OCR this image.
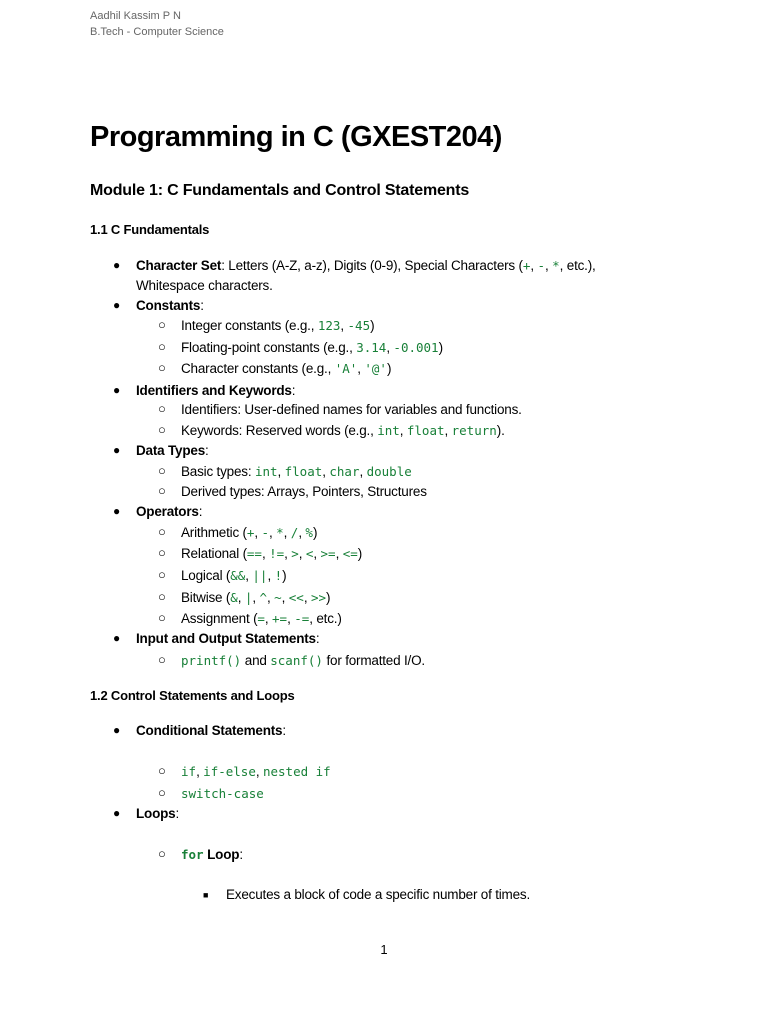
Aadhil Kassim P N
B.Tech - Computer Science
Programming in C (GXEST204)
Module 1: C Fundamentals and Control Statements
1.1 C Fundamentals
● Character Set: Letters (A-Z, a-z), Digits (0-9), Special Characters (+, -, *, etc.),
Whitespace characters.
● Constants:
○ Integer constants (e.g., 123, -45)
○ Floating-point constants (e.g., 3.14, -0.001)
○ Character constants (e.g., 'A', '@')
● Identifiers and Keywords:
○ Identifiers: User-defined names for variables and functions.
○ Keywords: Reserved words (e.g., int, float, return).
● Data Types:
○ Basic types: int, float, char, double
○ Derived types: Arrays, Pointers, Structures
● Operators:
○ Arithmetic (+, -, *, /, %)
○ Relational (==, !=, >, <, >=, <=)
○ Logical (&&, ||, !)
○ Bitwise (&, |, ^, ~, <<, >>)
○ Assignment (=, +=, -=, etc.)
● Input and Output Statements:
○ printf() and scanf() for formatted I/O.
1.2 Control Statements and Loops
● Conditional Statements:
○ if, if-else, nested if
○ switch-case
● Loops:
○ for Loop:
■ Executes a block of code a specific number of times.
1
